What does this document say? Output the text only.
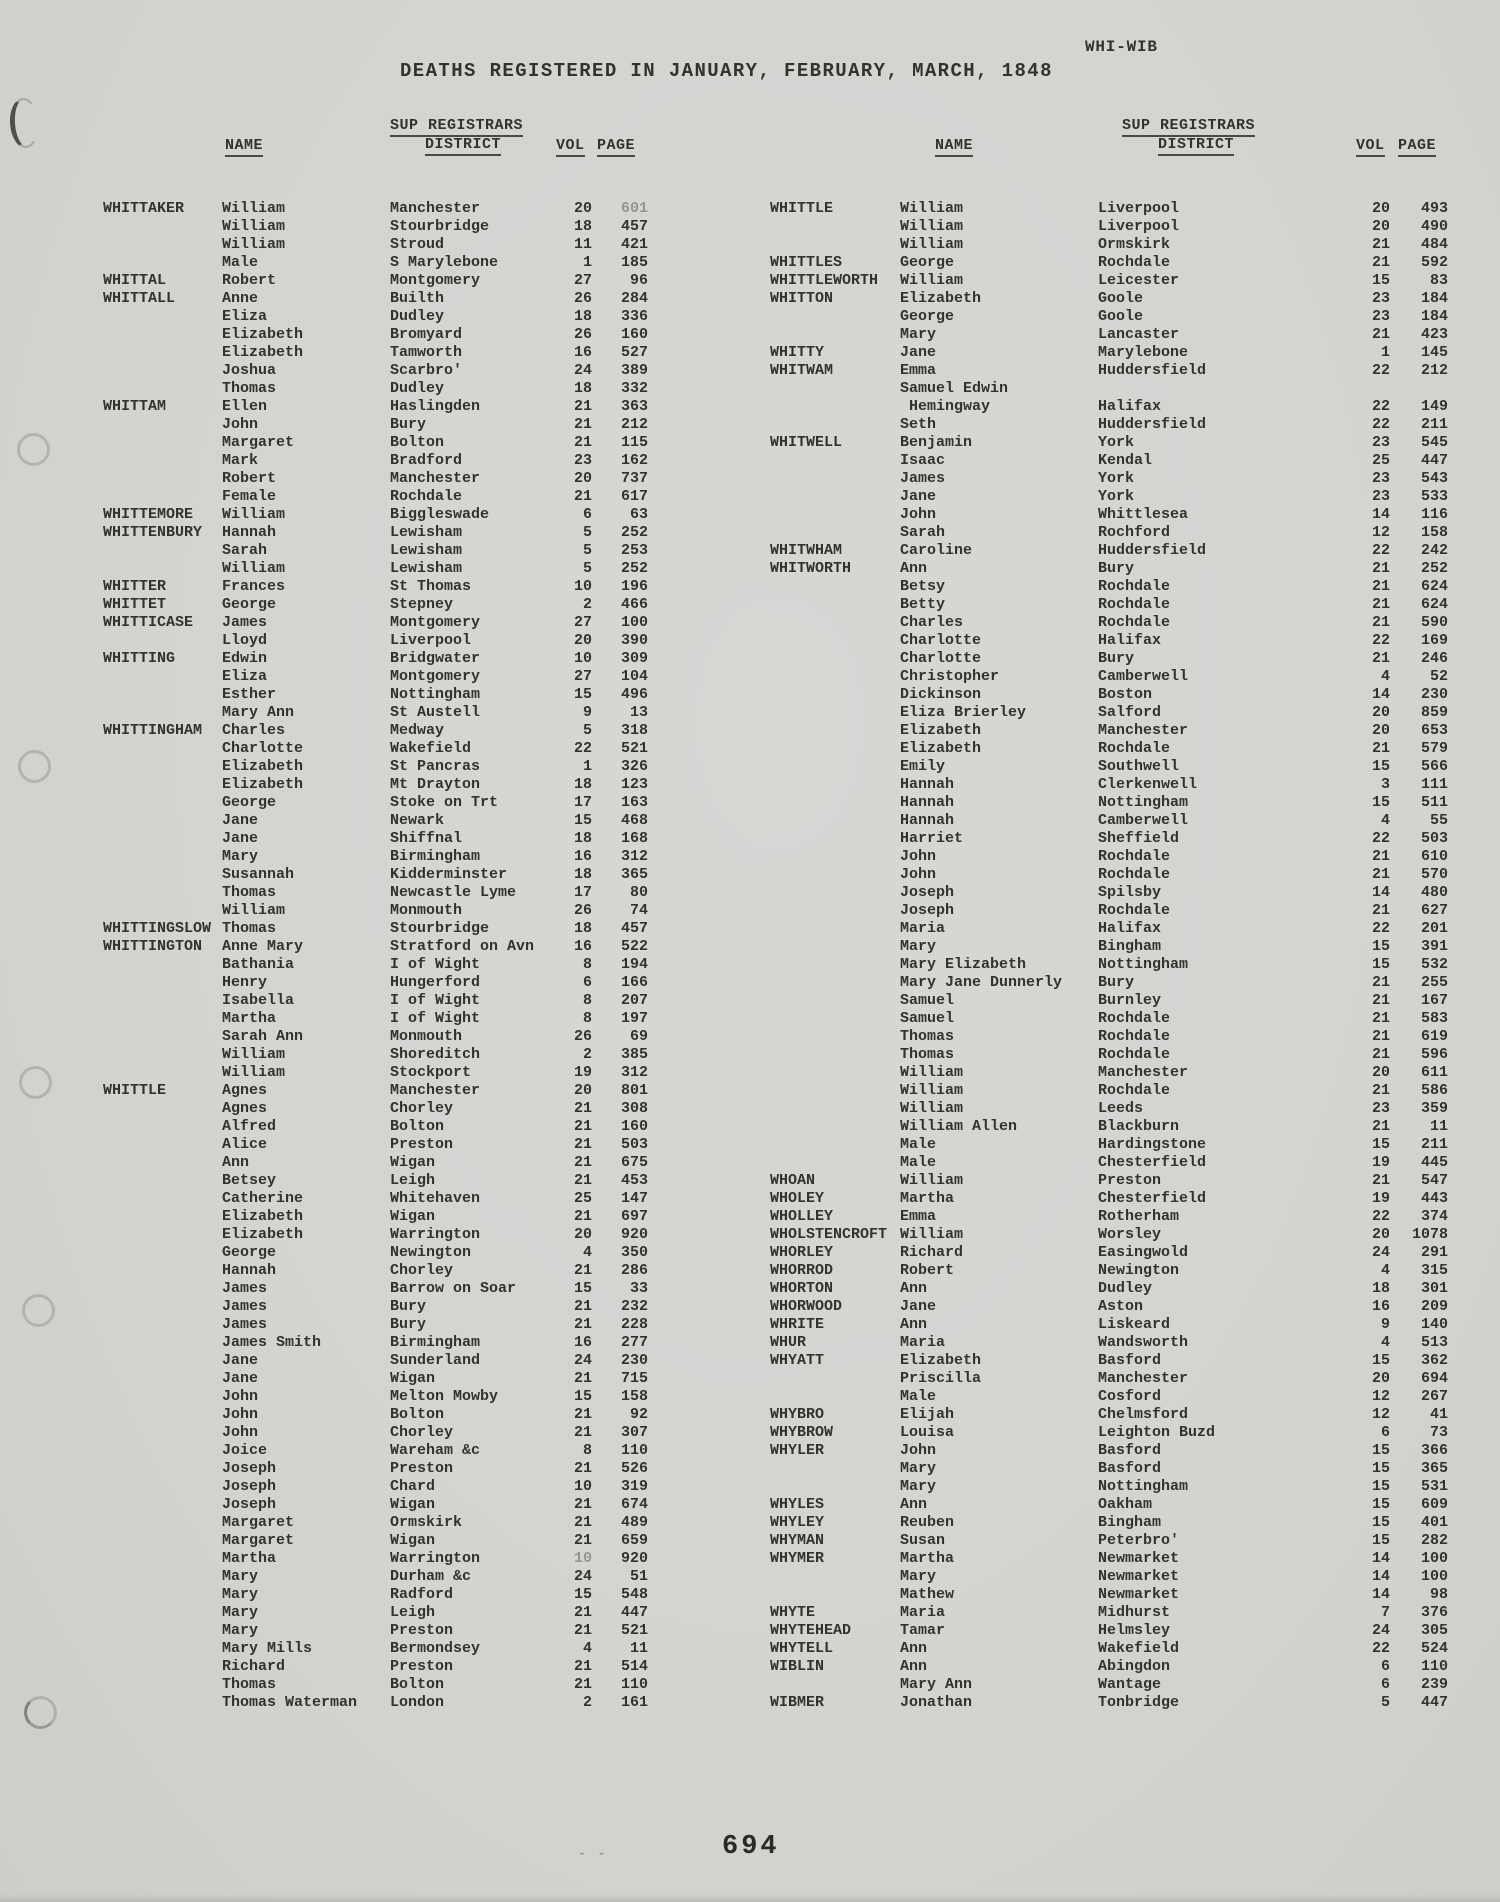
WHI-WIB
DEATHS REGISTERED IN JANUARY, FEBRUARY, MARCH, 1848
NAME
SUP REGISTRARS
DISTRICT	VOL PAGE	NAME
SUP REGISTRARS
DISTRICT	VOL PAGE
WHITTAKER	William	Manchester	20	601
William	Stourbridge	18	457
William	Stroud	11	421
Male	S Marylebone	1	185
WHITTAL	Robert	Montgomery	27	96
WHITTALL	Anne	Builth	26	284
Eliza	Dudley	18	336
Elizabeth	Bromyard	26	160
Elizabeth	Tamworth	16	527
Joshua	Scarbro'	24	389
Thomas	Dudley	18	332
WHITTAM	Ellen	Haslingden	21	363
John	Bury	21	212
Margaret	Bolton	21	115
Mark	Bradford	23	162
Robert	Manchester	20	737
Female	Rochdale	21	617
WHITTEMORE	William	Biggleswade	6	63
WHITTENBURY	Hannah	Lewisham	5	252
Sarah	Lewisham	5	253
William	Lewisham	5	252
WHITTER	Frances	St Thomas	10	196
WHITTET	George	Stepney	2	466
WHITTICASE	James	Montgomery	27	100
Lloyd	Liverpool	20	390
WHITTING	Edwin	Bridgwater	10	309
Eliza	Montgomery	27	104
Esther	Nottingham	15	496
Mary Ann	St Austell	9	13
WHITTINGHAM	Charles	Medway	5	318
Charlotte	Wakefield	22	521
Elizabeth	St Pancras	1	326
Elizabeth	Mt Drayton	18	123
George	Stoke on Trt	17	163
Jane	Newark	15	468
Jane	Shiffnal	18	168
Mary	Birmingham	16	312
Susannah	Kidderminster	18	365
Thomas	Newcastle Lyme	17	80
William	Monmouth	26	74
WHITTINGSLOW Thomas	Stourbridge	18	457
WHITTINGTON	Anne Mary	Stratford on Avn	16	522
Bathania	I of Wight	8	194
Henry	Hungerford	6	166
Isabella	I of Wight	8	207
Martha	I of Wight	8	197
Sarah Ann	Monmouth	26	69
William	Shoreditch	2	385
William	Stockport	19	312
WHITTLE	Agnes	Manchester	20	801
Agnes	Chorley	21	308
Alfred	Bolton	21	160
Alice	Preston	21	503
Ann	Wigan	21	675
Betsey	Leigh	21	453
Catherine	Whitehaven	25	147
Elizabeth	Wigan	21	697
Elizabeth	Warrington	20	920
George	Newington	4	350
Hannah	Chorley	21	286
James	Barrow on Soar	15	33
James	Bury	21	232
James	Bury	21	228
James Smith	Birmingham	16	277
Jane	Sunderland	24	230
Jane	Wigan	21	715
John	Melton Mowby	15	158
John	Bolton	21	92
John	Chorley	21	307
Joice	Wareham &c	8	110
Joseph	Preston	21	526
Joseph	Chard	10	319
Joseph	Wigan	21	674
Margaret	Ormskirk	21	489
Margaret	Wigan	21	659
Martha	Warrington	10	920
Mary	Durham &c	24	51
Mary	Radford	15	548
Mary	Leigh	21	447
Mary	Preston	21	521
Mary Mills	Bermondsey	4	11
Richard	Preston	21	514
Thomas	Bolton	21	110
Thomas Waterman	London	2	161
WHITTLE	William	Liverpool	20	493
William	Liverpool	20	490
William	Ormskirk	21	484
WHITTLES	George	Rochdale	21	592
WHITTLEWORTH	William	Leicester	15	83
WHITTON	Elizabeth	Goole	23	184
George	Goole	23	184
Mary	Lancaster	21	423
WHITTY	Jane	Marylebone	1	145
WHITWAM	Emma	Huddersfield	22	212
Samuel Edwin
Hemingway	Halifax	22	149
Seth	Huddersfield	22	211
WHITWELL	Benjamin	York	23	545
Isaac	Kendal	25	447
James	York	23	543
Jane	York	23	533
John	Whittlesea	14	116
Sarah	Rochford	12	158
WHITWHAM	Caroline	Huddersfield	22	242
WHITWORTH	Ann	Bury	21	252
Betsy	Rochdale	21	624
Betty	Rochdale	21	624
Charles	Rochdale	21	590
Charlotte	Halifax	22	169
Charlotte	Bury	21	246
Christopher	Camberwell	4	52
Dickinson	Boston	14	230
Eliza Brierley	Salford	20	859
Elizabeth	Manchester	20	653
Elizabeth	Rochdale	21	579
Emily	Southwell	15	566
Hannah	Clerkenwell	3	111
Hannah	Nottingham	15	511
Hannah	Camberwell	4	55
Harriet	Sheffield	22	503
John	Rochdale	21	610
John	Rochdale	21	570
Joseph	Spilsby	14	480
Joseph	Rochdale	21	627
Maria	Halifax	22	201
Mary	Bingham	15	391
Mary Elizabeth	Nottingham	15	532
Mary Jane Dunnerly	Bury	21	255
Samuel	Burnley	21	167
Samuel	Rochdale	21	583
Thomas	Rochdale	21	619
Thomas	Rochdale	21	596
William	Manchester	20	611
William	Rochdale	21	586
William	Leeds	23	359
William Allen	Blackburn	21	11
Male	Hardingstone	15	211
Male	Chesterfield	19	445
WHOAN	William	Preston	21	547
WHOLEY	Martha	Chesterfield	19	443
WHOLLEY	Emma	Rotherham	22	374
WHOLSTENCROFT William	Worsley	20	1078
WHORLEY	Richard	Easingwold	24	291
WHORROD	Robert	Newington	4	315
WHORTON	Ann	Dudley	18	301
WHORWOOD	Jane	Aston	16	209
WHRITE	Ann	Liskeard	9	140
WHUR	Maria	Wandsworth	4	513
WHYATT	Elizabeth	Basford	15	362
Priscilla	Manchester	20	694
Male	Cosford	12	267
WHYBRO	Elijah	Chelmsford	12	41
WHYBROW	Louisa	Leighton Buzd	6	73
WHYLER	John	Basford	15	366
Mary	Basford	15	365
Mary	Nottingham	15	531
WHYLES	Ann	Oakham	15	609
WHYLEY	Reuben	Bingham	15	401
WHYMAN	Susan	Peterbro'	15	282
WHYMER	Martha	Newmarket	14	100
Mary	Newmarket	14	100
Mathew	Newmarket	14	98
WHYTE	Maria	Midhurst	7	376
WHYTEHEAD	Tamar	Helmsley	24	305
WHYTELL	Ann	Wakefield	22	524
WIBLIN	Ann	Abingdon	6	110
Mary Ann	Wantage	6	239
WIBMER	Jonathan	Tonbridge	5	447
- -	694
